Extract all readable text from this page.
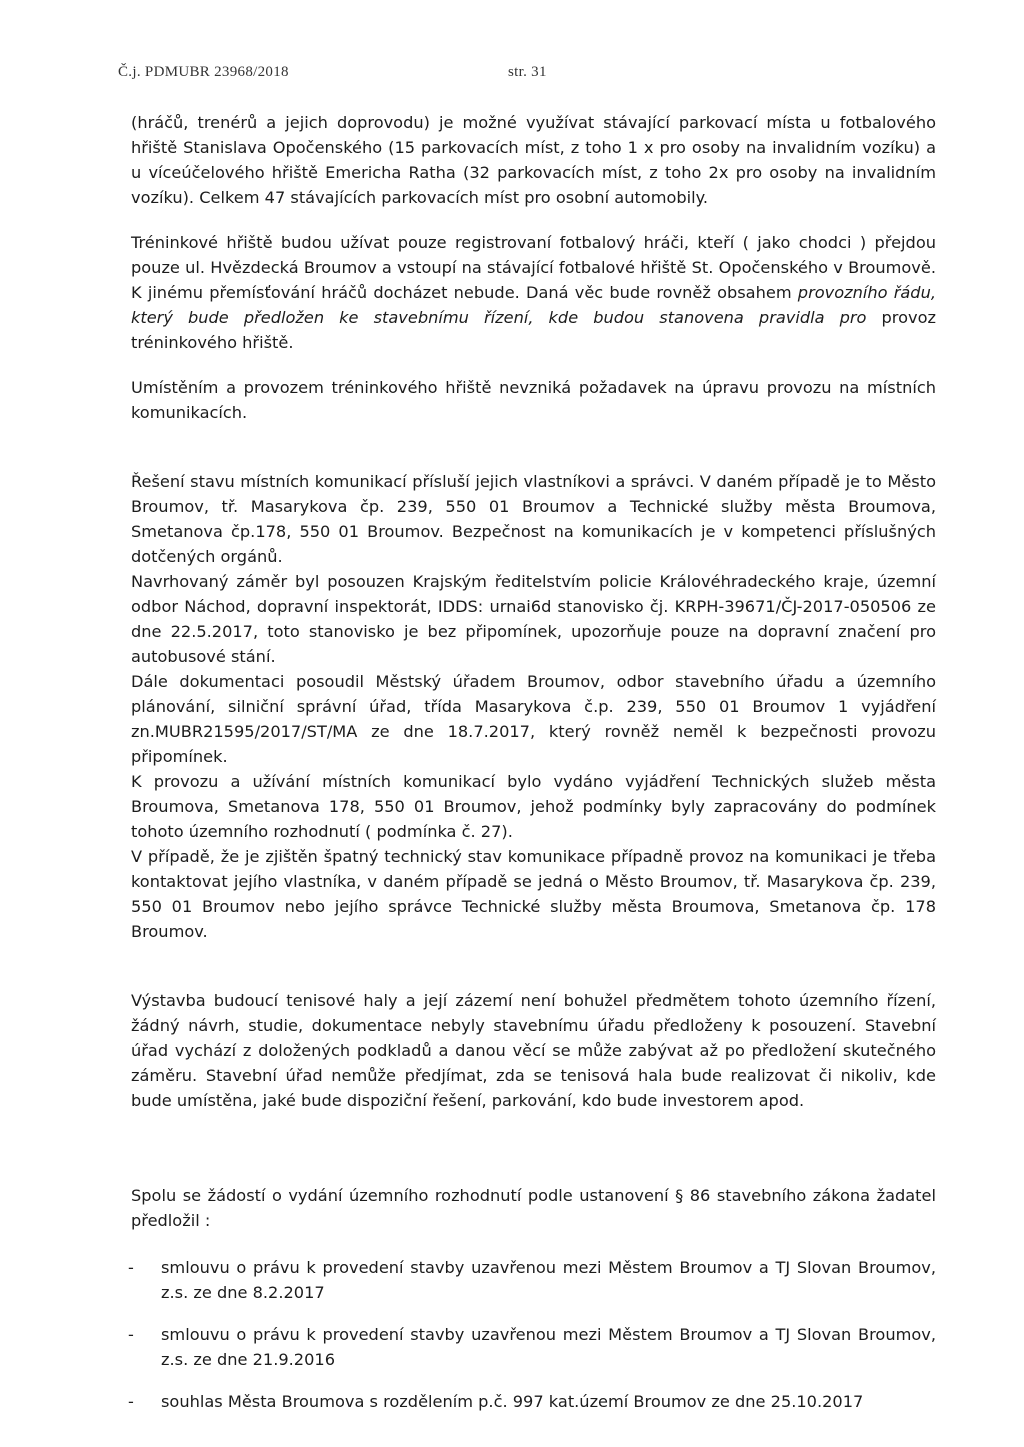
Č.j. PDMUBR 23968/2018	str. 31

(hráčů, trenérů a jejich doprovodu) je možné využívat stávající parkovací místa u fotbalového hřiště Stanislava Opočenského (15 parkovacích míst, z toho 1 x pro osoby na invalidním vozíku) a u víceúčelového hřiště Emericha Ratha (32 parkovacích míst, z toho 2x pro osoby na invalidním vozíku). Celkem 47 stávajících parkovacích míst pro osobní automobily.

Tréninkové hřiště budou užívat pouze registrovaní fotbalový hráči, kteří ( jako chodci ) přejdou pouze ul. Hvězdecká Broumov a vstoupí na stávající fotbalové hřiště St. Opočenského v Broumově. K jinému přemísťování hráčů docházet nebude. Daná věc bude rovněž obsahem provozního řádu, který bude předložen ke stavebnímu řízení, kde budou stanovena pravidla pro provoz tréninkového hřiště.

Umístěním a provozem tréninkového hřiště nevzniká požadavek na úpravu provozu na místních komunikacích.

Řešení stavu místních komunikací přísluší jejich vlastníkovi a správci. V daném případě je to Město Broumov, tř. Masarykova čp. 239, 550 01 Broumov a Technické služby města Broumova, Smetanova čp.178, 550 01 Broumov. Bezpečnost na komunikacích je v kompetenci příslušných dotčených orgánů.

Navrhovaný záměr byl posouzen Krajským ředitelstvím policie Královéhradeckého kraje, územní odbor Náchod, dopravní inspektorát, IDDS: urnai6d stanovisko čj. KRPH-39671/ČJ-2017-050506 ze dne 22.5.2017, toto stanovisko je bez připomínek, upozorňuje pouze na dopravní značení pro autobusové stání.

Dále dokumentaci posoudil Městský úřadem Broumov, odbor stavebního úřadu a územního plánování, silniční správní úřad, třída Masarykova č.p. 239, 550 01 Broumov 1 vyjádření zn.MUBR21595/2017/ST/MA ze dne 18.7.2017, který rovněž neměl k bezpečnosti provozu připomínek.

K provozu a užívání místních komunikací bylo vydáno vyjádření Technických služeb města Broumova, Smetanova 178, 550 01 Broumov, jehož podmínky byly zapracovány do podmínek tohoto územního rozhodnutí ( podmínka č. 27).

V případě, že je zjištěn špatný technický stav komunikace případně provoz na komunikaci je třeba kontaktovat jejího vlastníka, v daném případě se jedná o Město Broumov, tř. Masarykova čp. 239, 550 01 Broumov nebo jejího správce Technické služby města Broumova, Smetanova čp. 178 Broumov.

Výstavba budoucí tenisové haly a její zázemí není bohužel předmětem tohoto územního řízení, žádný návrh, studie, dokumentace nebyly stavebnímu úřadu předloženy k posouzení. Stavební úřad vychází z doložených podkladů a danou věcí se může zabývat až po předložení skutečného záměru. Stavební úřad nemůže předjímat, zda se tenisová hala bude realizovat či nikoliv, kde bude umístěna, jaké bude dispoziční řešení, parkování, kdo bude investorem apod.

Spolu se žádostí o vydání územního rozhodnutí podle ustanovení § 86 stavebního zákona žadatel předložil :

- smlouvu o právu k provedení stavby uzavřenou mezi Městem Broumov a TJ Slovan Broumov, z.s. ze dne 8.2.2017
- smlouvu o právu k provedení stavby uzavřenou mezi Městem Broumov a TJ Slovan Broumov, z.s. ze dne 21.9.2016
- souhlas Města Broumova s rozdělením p.č. 997 kat.území Broumov ze dne 25.10.2017
